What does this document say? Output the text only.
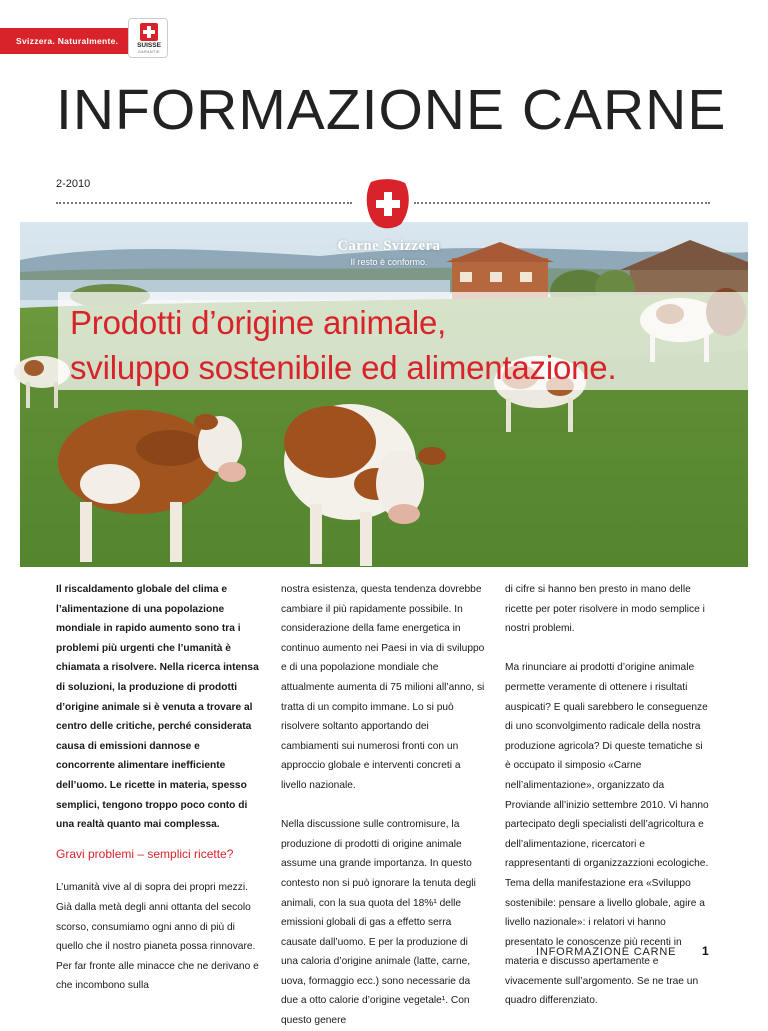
Svizzera. Naturalmente.	SUISSE
GARANTIE
INFORMAZIONE CARNE
2-2010
Carne Svizzera
Il resto è conformo.
Prodotti d’origine animale,
sviluppo sostenibile ed alimentazione.

Il riscaldamento globale del clima e l’alimentazione di una popolazione mondiale in rapido aumento sono tra i problemi più urgenti che l’umanità è chiamata a risolvere. Nella ricerca intensa di soluzioni, la produzione di prodotti d’origine animale si è venuta a trovare al centro delle critiche, perché considerata causa di emissioni dannose e concorrente alimentare inefficiente dell’uomo. Le ricette in materia, spesso semplici, tengono troppo poco conto di una realtà quanto mai complessa.

Gravi problemi – semplici ricette?

L’umanità vive al di sopra dei propri mezzi. Già dalla metà degli anni ottanta del secolo scorso, consumiamo ogni anno di più di quello che il nostro pianeta possa rinnovare. Per far fronte alle minacce che ne derivano e che incombono sulla

nostra esistenza, questa tendenza dovrebbe cambiare il più rapidamente possibile. In considerazione della fame energetica in continuo aumento nei Paesi in via di sviluppo e di una popolazione mondiale che attualmente aumenta di 75 milioni all’anno, si tratta di un compito immane. Lo si può risolvere soltanto apportando dei cambiamenti sui numerosi fronti con un approccio globale e interventi concreti a livello nazionale.

Nella discussione sulle contromisure, la produzione di prodotti di origine animale assume una grande importanza. In questo contesto non si può ignorare la tenuta degli animali, con la sua quota del 18%¹ delle emissioni globali di gas a effetto serra causate dall’uomo. E per la produzione di una caloria d’origine animale (latte, carne, uova, formaggio ecc.) sono necessarie da due a otto calorie d’origine vegetale¹. Con questo genere

di cifre si hanno ben presto in mano delle ricette per poter risolvere in modo semplice i nostri problemi.

Ma rinunciare ai prodotti d’origine animale permette veramente di ottenere i risultati auspicati? E quali sarebbero le conseguenze di uno sconvolgimento radicale della nostra produzione agricola? Di queste tematiche si è occupato il simposio «Carne nell’alimentazione», organizzato da Proviande all’inizio settembre 2010. Vi hanno partecipato degli specialisti dell’agricoltura e dell’alimentazione, ricercatori e rappresentanti di organizzazzioni ecologiche. Tema della manifestazione era «Sviluppo sostenibile: pensare a livello globale, agire a livello nazionale»: i relatori vi hanno presentato le conoscenze più recenti in materia e discusso apertamente e vivacemente sull’argomento. Se ne trae un quadro differenziato.

INFORMAZIONE CARNE 1
